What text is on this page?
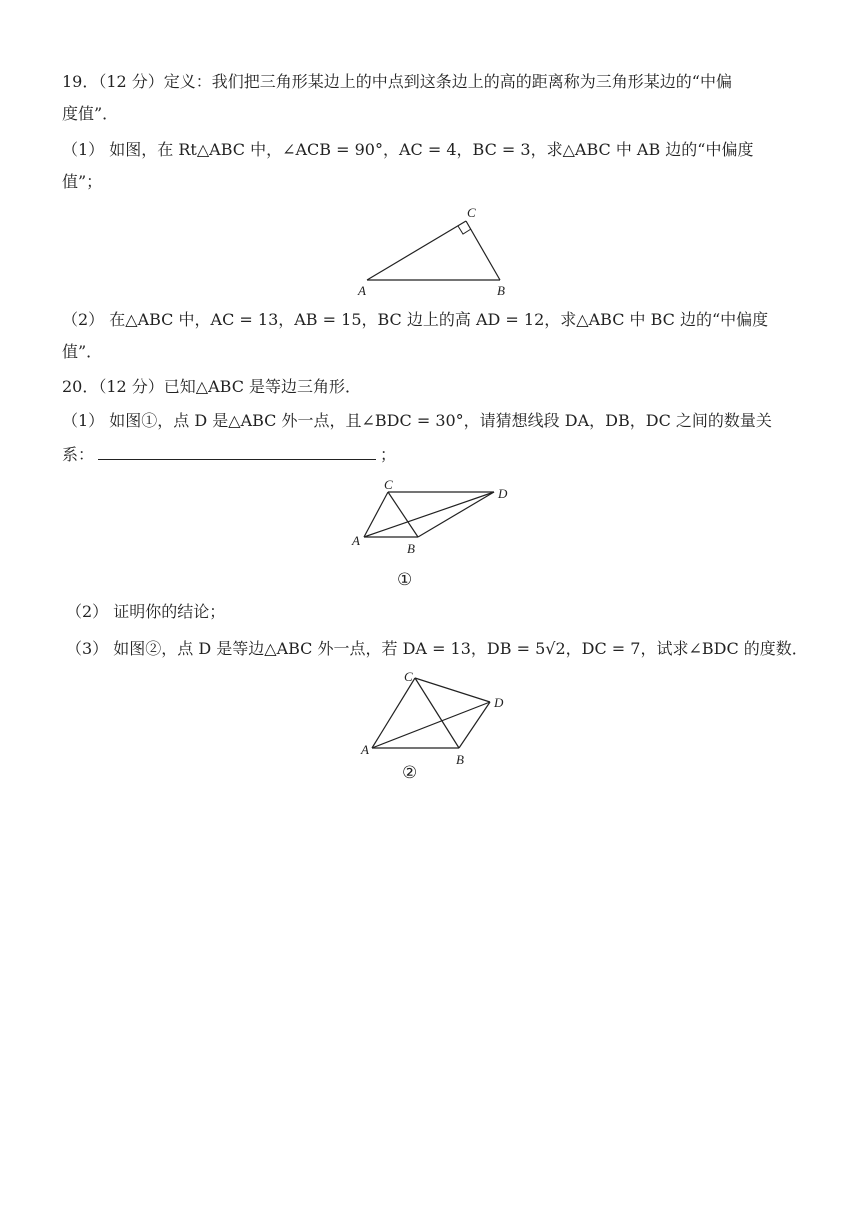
19．（12 分）定义：我们把三角形某边上的中点到这条边上的高的距离称为三角形某边的“中偏
度值”．
（1） 如图，在 Rt△ABC 中，∠ACB = 90°，AC = 4，BC = 3，求△ABC 中 AB 边的“中偏度
值”；
A	B
C
（2） 在△ABC 中，AC = 13，AB = 15，BC 边上的高 AD = 12，求△ABC 中 BC 边的“中偏度
值”．
20．（12 分）已知△ABC 是等边三角形．
（1） 如图①，点 D 是△ABC 外一点，且∠BDC = 30°，请猜想线段 DA，DB，DC 之间的数量关
系：	；
A
B
C
D
①
（2） 证明你的结论；
（3） 如图②，点 D 是等边△ABC 外一点，若 DA = 13，DB = 5√2，DC = 7，试求∠BDC 的度数．
A
B
C
D
②
